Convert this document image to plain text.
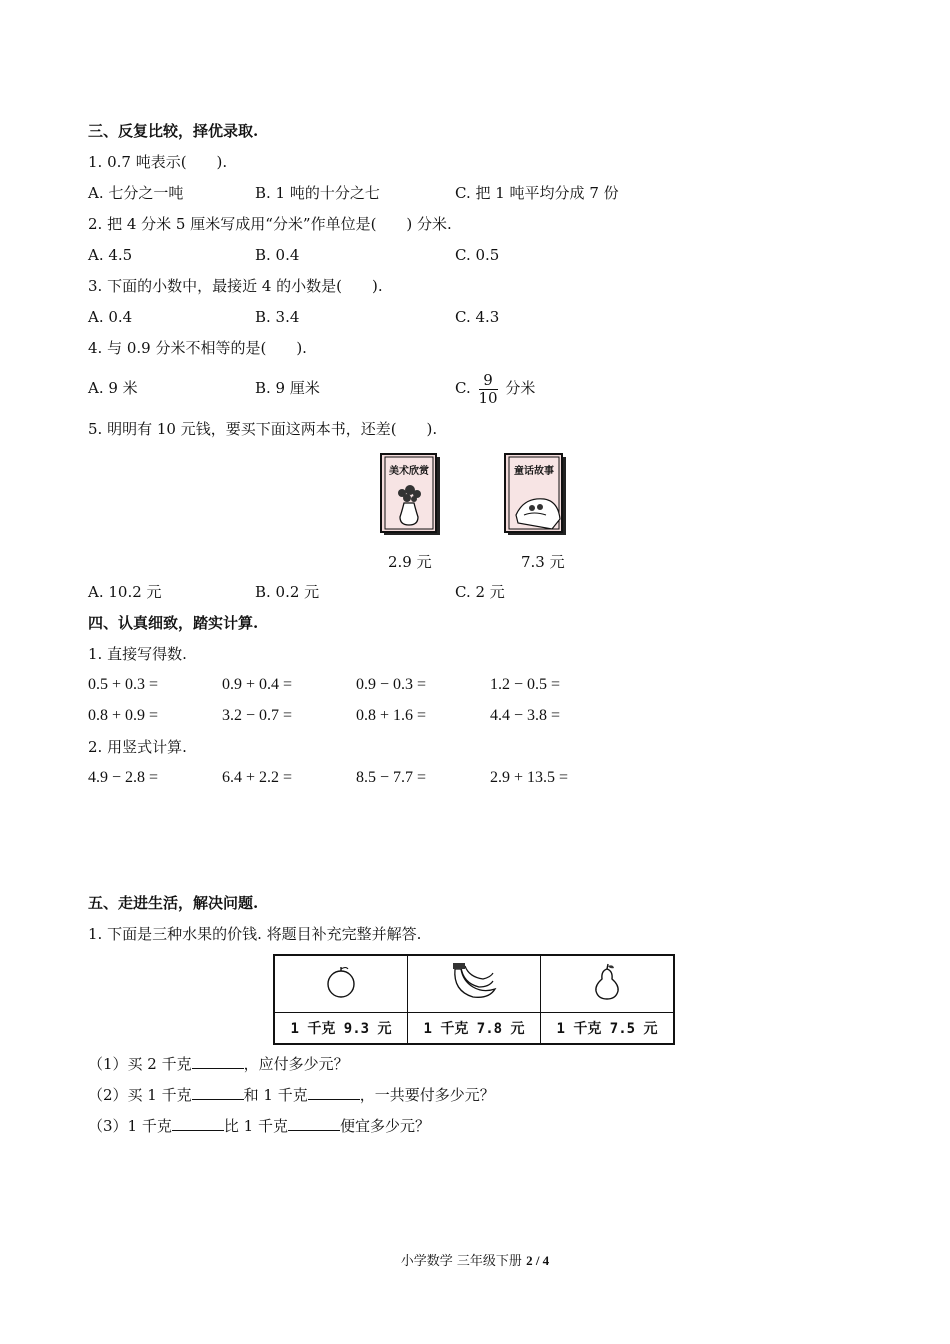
三、反复比较，择优录取.
1. 0.7 吨表示(　　).
A. 七分之一吨	B. 1 吨的十分之七	C. 把 1 吨平均分成 7 份
2. 把 4 分米 5 厘米写成用“分米”作单位是(　　) 分米.
A. 4.5	B. 0.4	C. 0.5
3. 下面的小数中，最接近 4 的小数是(　　).
A. 0.4	B. 3.4	C. 4.3
4. 与 0.9 分米不相等的是(　　).
A. 9 米	B. 9 厘米	C. $\frac{9}{10}$ 分米
5. 明明有 10 元钱，要买下面这两本书，还差(　　).
美术欣赏
2.9 元
童话故事
7.3 元
A. 10.2 元	B. 0.2 元	C. 2 元
四、认真细致，踏实计算.
1. 直接写得数.
0.5 + 0.3 =	0.9 + 0.4 =	0.9 − 0.3 =	1.2 − 0.5 =
0.8 + 0.9 =	3.2 − 0.7 =	0.8 + 1.6 =	4.4 − 3.8 =
2. 用竖式计算.
4.9 − 2.8 =	6.4 + 2.2 =	8.5 − 7.7 =	2.9 + 13.5 =
五、走进生活，解决问题.
1. 下面是三种水果的价钱. 将题目补充完整并解答.

1 千克 9.3 元	1 千克 7.8 元	1 千克 7.5 元
（1）买 2 千克	，应付多少元？
（2）买 1 千克	和 1 千克	，一共要付多少元？
（3）1 千克	比 1 千克	便宜多少元？
小学数学 三年级下册 2 / 4
